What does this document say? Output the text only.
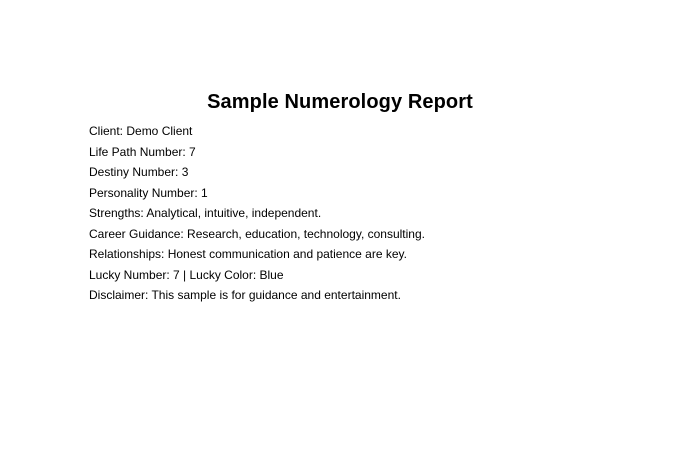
Sample Numerology Report
Client: Demo Client
Life Path Number: 7
Destiny Number: 3
Personality Number: 1
Strengths: Analytical, intuitive, independent.
Career Guidance: Research, education, technology, consulting.
Relationships: Honest communication and patience are key.
Lucky Number: 7 | Lucky Color: Blue
Disclaimer: This sample is for guidance and entertainment.
